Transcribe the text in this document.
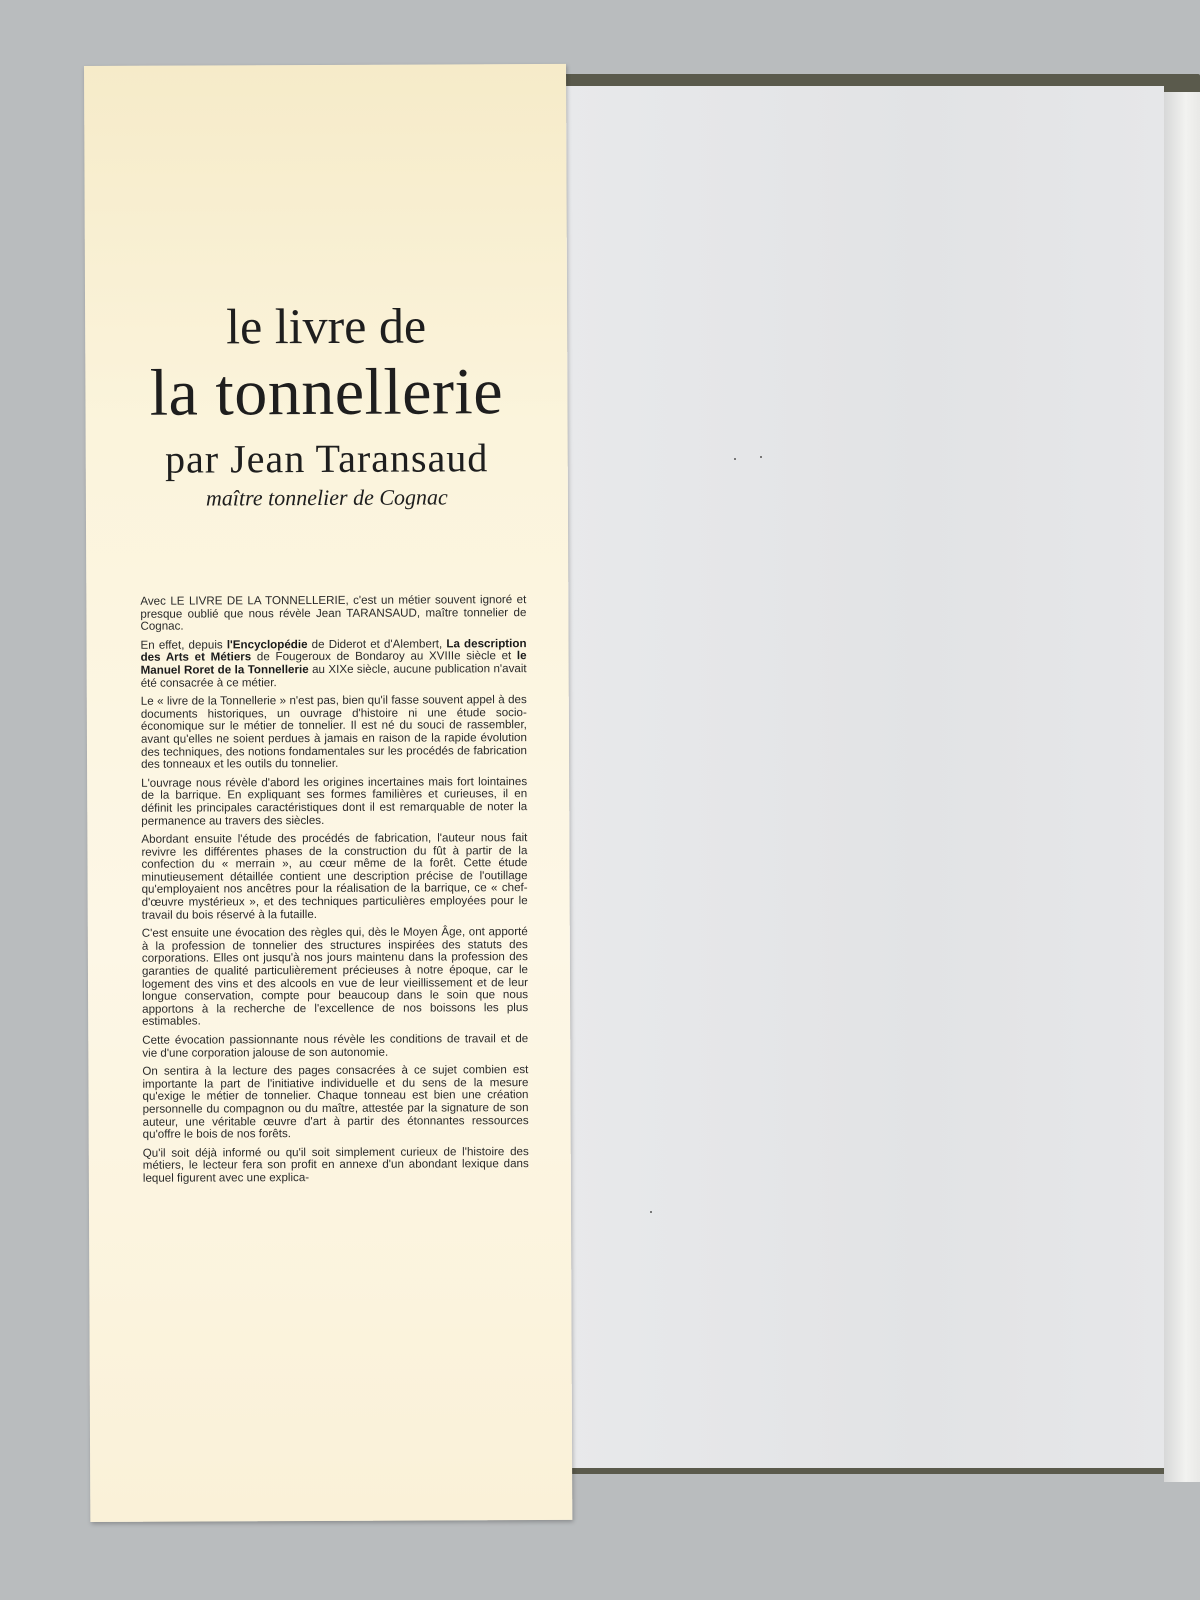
le livre de
la tonnellerie
par Jean Taransaud
maître tonnelier de Cognac

Avec LE LIVRE DE LA TONNELLERIE, c'est un métier souvent ignoré et presque oublié que nous révèle Jean TARANSAUD, maître tonnelier de Cognac.

En effet, depuis l'Encyclopédie de Diderot et d'Alembert, La description des Arts et Métiers de Fougeroux de Bondaroy au XVIIIe siècle et le Manuel Roret de la Tonnellerie au XIXe siècle, aucune publication n'avait été consacrée à ce métier.

Le « livre de la Tonnellerie » n'est pas, bien qu'il fasse souvent appel à des documents historiques, un ouvrage d'histoire ni une étude socio-économique sur le métier de tonnelier. Il est né du souci de rassembler, avant qu'elles ne soient perdues à jamais en raison de la rapide évolution des techniques, des notions fondamentales sur les procédés de fabrication des tonneaux et les outils du tonnelier.

L'ouvrage nous révèle d'abord les origines incertaines mais fort lointaines de la barrique. En expliquant ses formes familières et curieuses, il en définit les principales caractéristiques dont il est remarquable de noter la permanence au travers des siècles.

Abordant ensuite l'étude des procédés de fabrication, l'auteur nous fait revivre les différentes phases de la construction du fût à partir de la confection du « merrain », au cœur même de la forêt. Cette étude minutieusement détaillée contient une description précise de l'outillage qu'employaient nos ancêtres pour la réalisation de la barrique, ce « chef-d'œuvre mystérieux », et des techniques particulières employées pour le travail du bois réservé à la futaille.

C'est ensuite une évocation des règles qui, dès le Moyen Âge, ont apporté à la profession de tonnelier des structures inspirées des statuts des corporations. Elles ont jusqu'à nos jours maintenu dans la profession des garanties de qualité particulièrement précieuses à notre époque, car le logement des vins et des alcools en vue de leur vieillissement et de leur longue conservation, compte pour beaucoup dans le soin que nous apportons à la recherche de l'excellence de nos boissons les plus estimables.

Cette évocation passionnante nous révèle les conditions de travail et de vie d'une corporation jalouse de son autonomie.

On sentira à la lecture des pages consacrées à ce sujet combien est importante la part de l'initiative individuelle et du sens de la mesure qu'exige le métier de tonnelier. Chaque tonneau est bien une création personnelle du compagnon ou du maître, attestée par la signature de son auteur, une véritable œuvre d'art à partir des étonnantes ressources qu'offre le bois de nos forêts.

Qu'il soit déjà informé ou qu'il soit simplement curieux de l'histoire des métiers, le lecteur fera son profit en annexe d'un abondant lexique dans lequel figurent avec une explica-
